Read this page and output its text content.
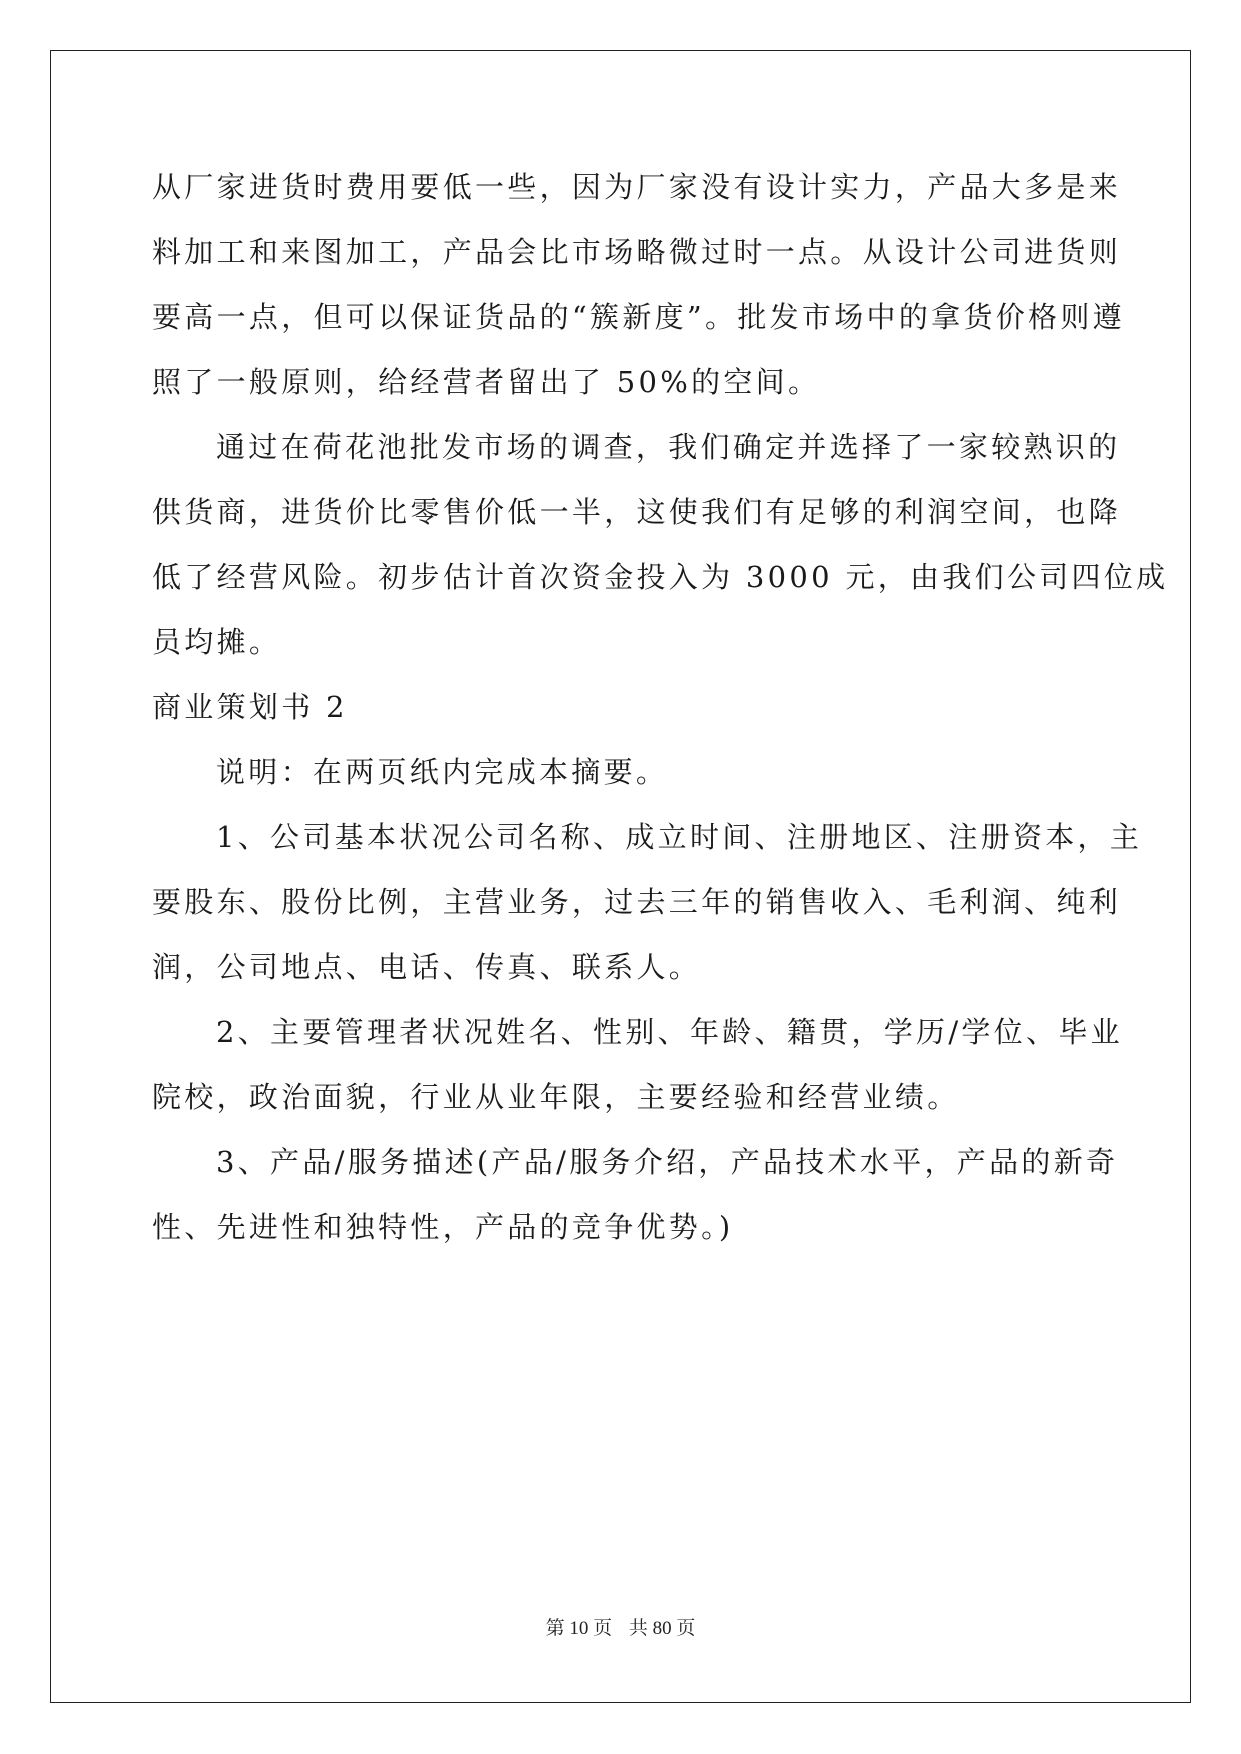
从厂家进货时费用要低一些，因为厂家没有设计实力，产品大多是来
料加工和来图加工，产品会比市场略微过时一点。从设计公司进货则
要高一点，但可以保证货品的“簇新度”。批发市场中的拿货价格则遵
照了一般原则，给经营者留出了 50%的空间。
通过在荷花池批发市场的调查，我们确定并选择了一家较熟识的
供货商，进货价比零售价低一半，这使我们有足够的利润空间，也降
低了经营风险。初步估计首次资金投入为 3000 元，由我们公司四位成
员均摊。
商业策划书 2
说明：在两页纸内完成本摘要。
1、公司基本状况公司名称、成立时间、注册地区、注册资本，主
要股东、股份比例，主营业务，过去三年的销售收入、毛利润、纯利
润，公司地点、电话、传真、联系人。
2、主要管理者状况姓名、性别、年龄、籍贯，学历/学位、毕业
院校，政治面貌，行业从业年限，主要经验和经营业绩。
3、产品/服务描述(产品/服务介绍，产品技术水平，产品的新奇
性、先进性和独特性，产品的竞争优势。)
第 10 页 共 80 页
